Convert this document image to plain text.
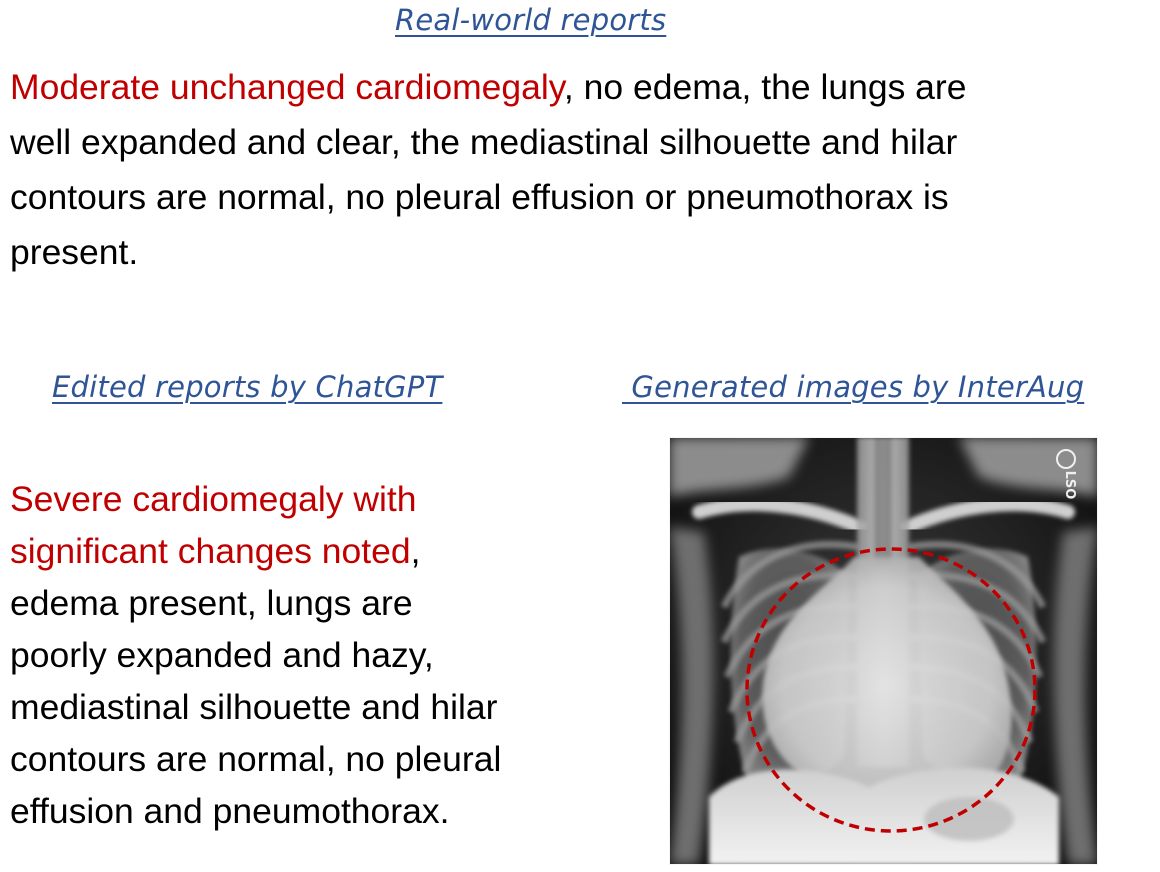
Real-world reports

Moderate unchanged cardiomegaly, no edema, the lungs are
well expanded and clear, the mediastinal silhouette and hilar
contours are normal, no pleural effusion or pneumothorax is
present.

Edited reports by ChatGPT	Generated images by InterAug

Severe cardiomegaly with
significant changes noted,
edema present, lungs are
poorly expanded and hazy,
mediastinal silhouette and hilar
contours are normal, no pleural
effusion and pneumothorax.

LSO
